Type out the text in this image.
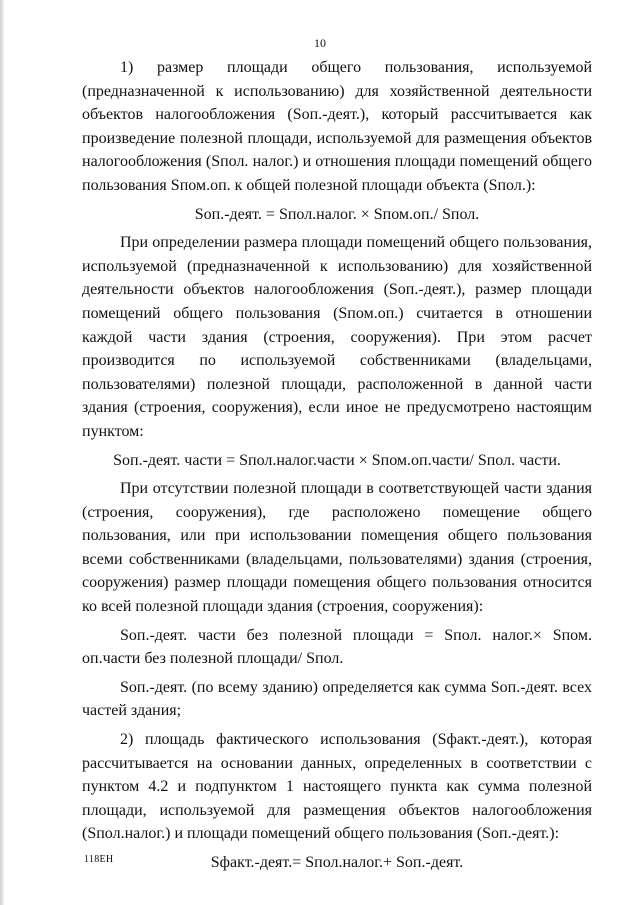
10

1) размер площади общего пользования, используемой (предназначенной к использованию) для хозяйственной деятельности объектов налогообложения (Sоп.-деят.), который рассчитывается как произведение полезной площади, используемой для размещения объектов налогообложения (Sпол. налог.) и отношения площади помещений общего пользования Sпом.оп. к общей полезной площади объекта (Sпол.):

Sоп.-деят. = Sпол.налог. × Sпом.оп./ Sпол.

При определении размера площади помещений общего пользования, используемой (предназначенной к использованию) для хозяйственной деятельности объектов налогообложения (Sоп.-деят.), размер площади помещений общего пользования (Sпом.оп.) считается в отношении каждой части здания (строения, сооружения). При этом расчет производится по используемой собственниками (владельцами, пользователями) полезной площади, расположенной в данной части здания (строения, сооружения), если иное не предусмотрено настоящим пунктом:

Sоп.-деят. части = Sпол.налог.части × Sпом.оп.части/ Sпол. части.

При отсутствии полезной площади в соответствующей части здания (строения, сооружения), где расположено помещение общего пользования, или при использовании помещения общего пользования всеми собственниками (владельцами, пользователями) здания (строения, сооружения) размер площади помещения общего пользования относится ко всей полезной площади здания (строения, сооружения):

Sоп.-деят. части без полезной площади = Sпол. налог.× Sпом. оп.части без полезной площади/ Sпол.

Sоп.-деят. (по всему зданию) определяется как сумма Sоп.-деят. всех частей здания;

2) площадь фактического использования (Sфакт.-деят.), которая рассчитывается на основании данных, определенных в соответствии с пунктом 4.2 и подпунктом 1 настоящего пункта как сумма полезной площади, используемой для размещения объектов налогообложения (Sпол.налог.) и площади помещений общего пользования (Sоп.-деят.):

Sфакт.-деят.= Sпол.налог.+ Sоп.-деят.

118EH
